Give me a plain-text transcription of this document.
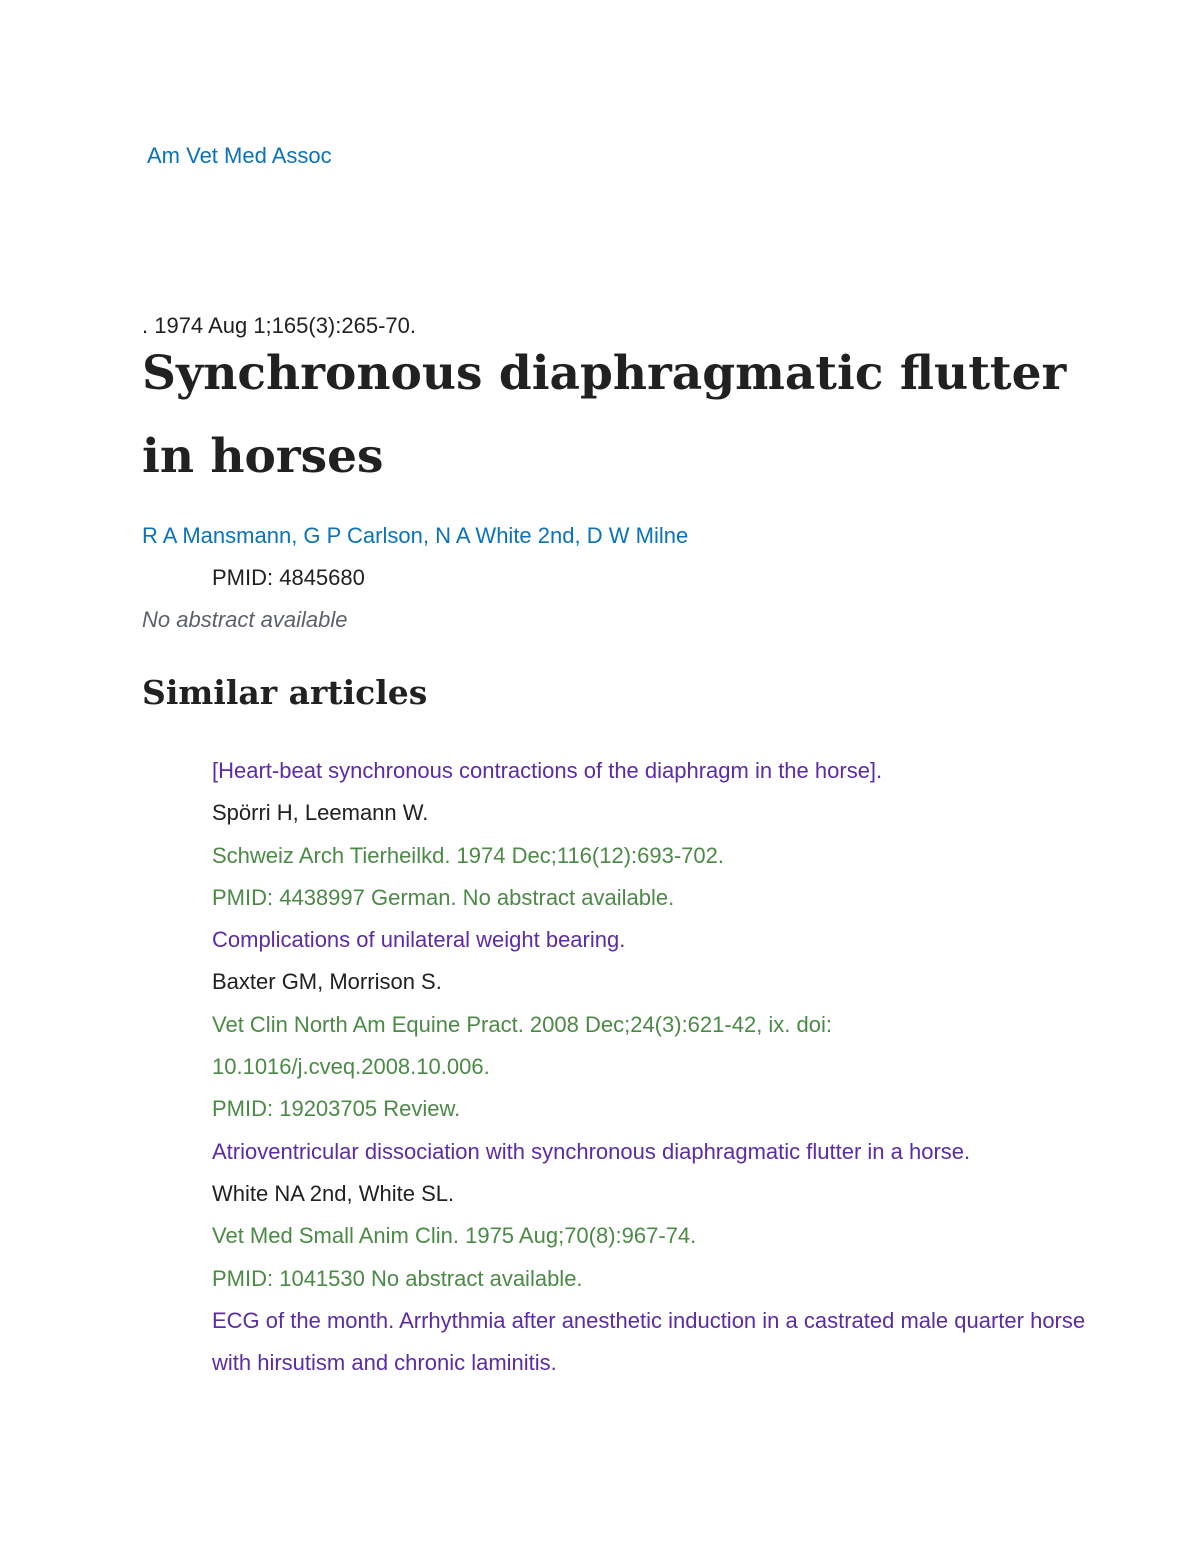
Am Vet Med Assoc
. 1974 Aug 1;165(3):265-70.
Synchronous diaphragmatic flutter in horses
R A Mansmann, G P Carlson, N A White 2nd, D W Milne
PMID: 4845680
No abstract available
Similar articles
[Heart-beat synchronous contractions of the diaphragm in the horse].
Spörri H, Leemann W.
Schweiz Arch Tierheilkd. 1974 Dec;116(12):693-702.
PMID: 4438997 German. No abstract available.
Complications of unilateral weight bearing.
Baxter GM, Morrison S.
Vet Clin North Am Equine Pract. 2008 Dec;24(3):621-42, ix. doi: 10.1016/j.cveq.2008.10.006.
PMID: 19203705 Review.
Atrioventricular dissociation with synchronous diaphragmatic flutter in a horse.
White NA 2nd, White SL.
Vet Med Small Anim Clin. 1975 Aug;70(8):967-74.
PMID: 1041530 No abstract available.
ECG of the month. Arrhythmia after anesthetic induction in a castrated male quarter horse with hirsutism and chronic laminitis.
